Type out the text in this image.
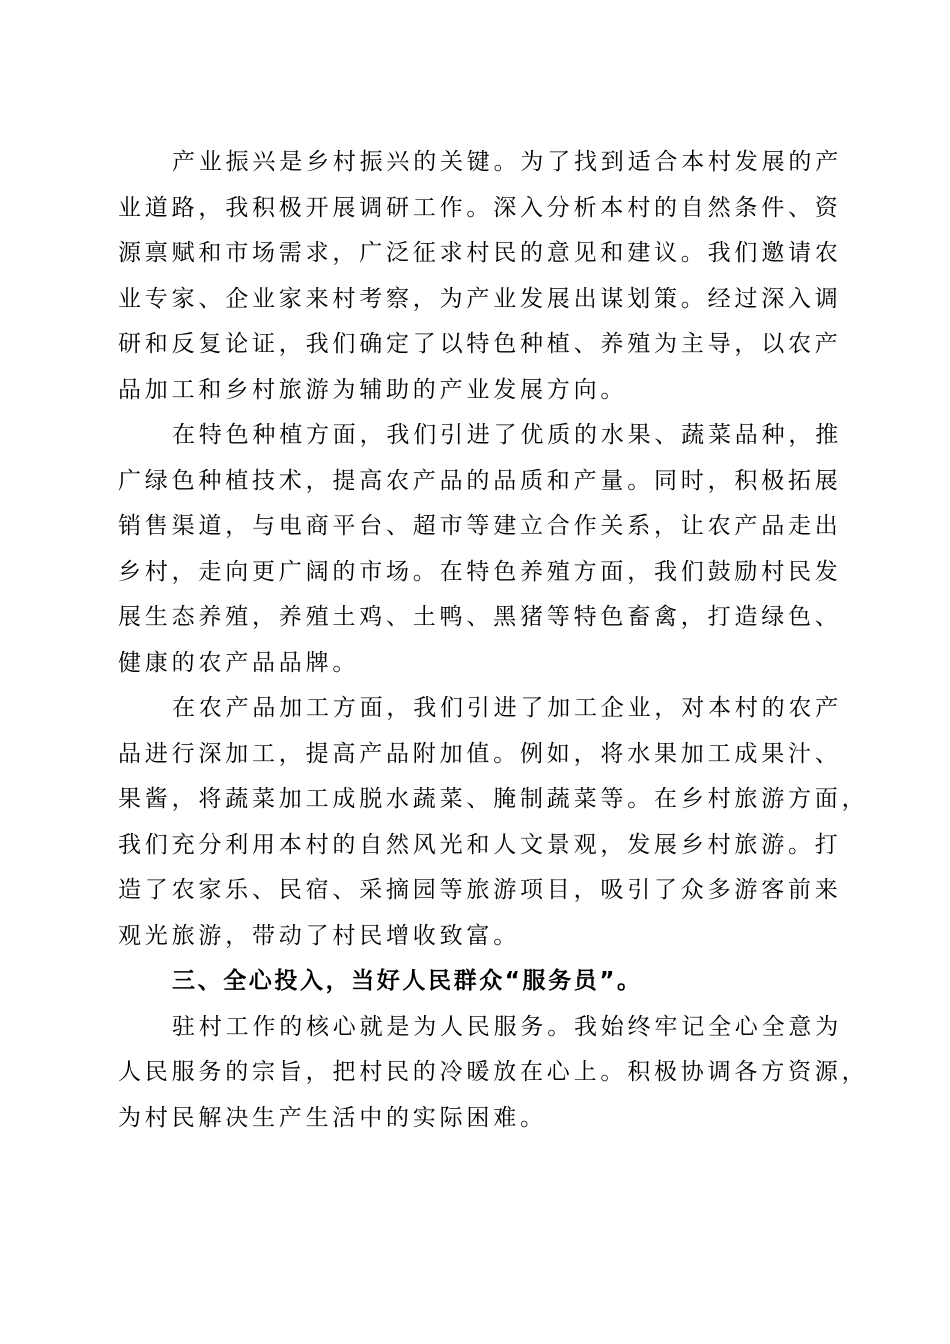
产业振兴是乡村振兴的关键。为了找到适合本村发展的产
业道路，我积极开展调研工作。深入分析本村的自然条件、资
源禀赋和市场需求，广泛征求村民的意见和建议。我们邀请农
业专家、企业家来村考察，为产业发展出谋划策。经过深入调
研和反复论证，我们确定了以特色种植、养殖为主导，以农产
品加工和乡村旅游为辅助的产业发展方向。
在特色种植方面，我们引进了优质的水果、蔬菜品种，推
广绿色种植技术，提高农产品的品质和产量。同时，积极拓展
销售渠道，与电商平台、超市等建立合作关系，让农产品走出
乡村，走向更广阔的市场。在特色养殖方面，我们鼓励村民发
展生态养殖，养殖土鸡、土鸭、黑猪等特色畜禽，打造绿色、
健康的农产品品牌。
在农产品加工方面，我们引进了加工企业，对本村的农产
品进行深加工，提高产品附加值。例如，将水果加工成果汁、
果酱，将蔬菜加工成脱水蔬菜、腌制蔬菜等。在乡村旅游方面，
我们充分利用本村的自然风光和人文景观，发展乡村旅游。打
造了农家乐、民宿、采摘园等旅游项目，吸引了众多游客前来
观光旅游，带动了村民增收致富。
三、全心投入，当好人民群众“服务员”。
驻村工作的核心就是为人民服务。我始终牢记全心全意为
人民服务的宗旨，把村民的冷暖放在心上。积极协调各方资源，
为村民解决生产生活中的实际困难。
